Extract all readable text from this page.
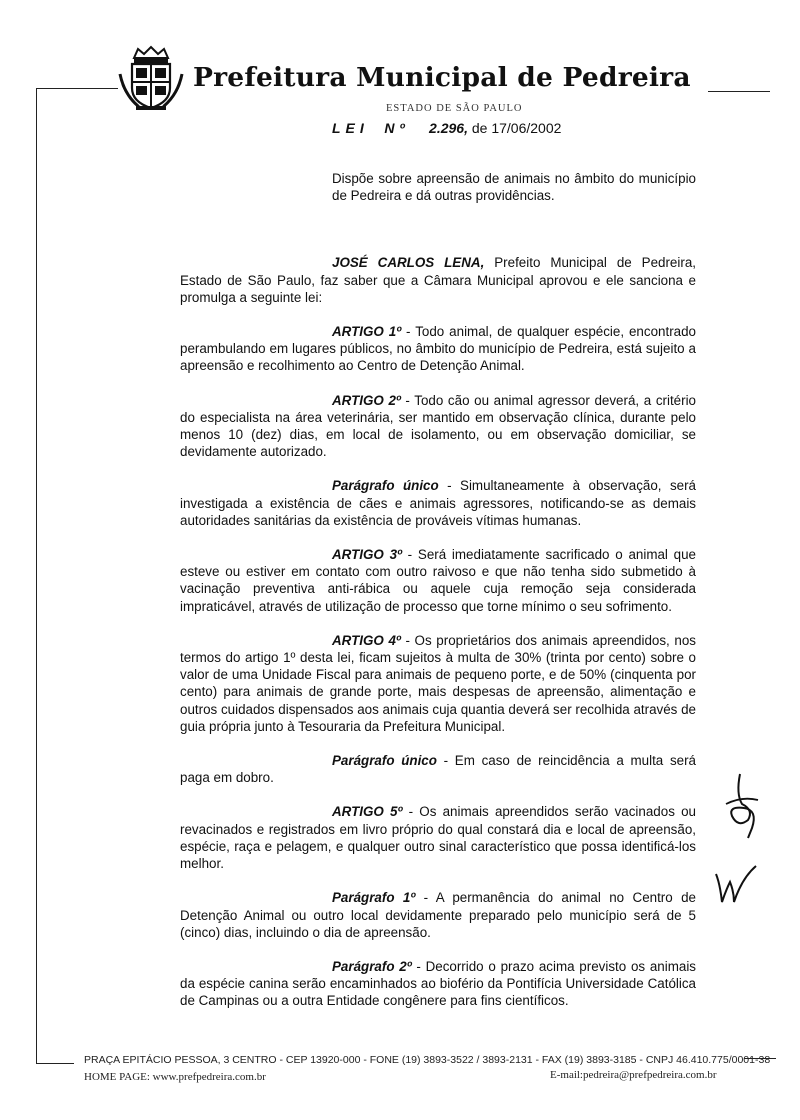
Prefeitura Municipal de Pedreira
ESTADO DE SÃO PAULO
LEI Nº 2.296, de 17/06/2002

Dispõe sobre apreensão de animais no âmbito do município de Pedreira e dá outras providências.

JOSÉ CARLOS LENA, Prefeito Municipal de Pedreira, Estado de São Paulo, faz saber que a Câmara Municipal aprovou e ele sanciona e promulga a seguinte lei:

ARTIGO 1º - Todo animal, de qualquer espécie, encontrado perambulando em lugares públicos, no âmbito do município de Pedreira, está sujeito a apreensão e recolhimento ao Centro de Detenção Animal.

ARTIGO 2º - Todo cão ou animal agressor deverá, a critério do especialista na área veterinária, ser mantido em observação clínica, durante pelo menos 10 (dez) dias, em local de isolamento, ou em observação domiciliar, se devidamente autorizado.

Parágrafo único - Simultaneamente à observação, será investigada a existência de cães e animais agressores, notificando-se as demais autoridades sanitárias da existência de prováveis vítimas humanas.

ARTIGO 3º - Será imediatamente sacrificado o animal que esteve ou estiver em contato com outro raivoso e que não tenha sido submetido à vacinação preventiva anti-rábica ou aquele cuja remoção seja considerada impraticável, através de utilização de processo que torne mínimo o seu sofrimento.

ARTIGO 4º - Os proprietários dos animais apreendidos, nos termos do artigo 1º desta lei, ficam sujeitos à multa de 30% (trinta por cento) sobre o valor de uma Unidade Fiscal para animais de pequeno porte, e de 50% (cinquenta por cento) para animais de grande porte, mais despesas de apreensão, alimentação e outros cuidados dispensados aos animais cuja quantia deverá ser recolhida através de guia própria junto à Tesouraria da Prefeitura Municipal.

Parágrafo único - Em caso de reincidência a multa será paga em dobro.

ARTIGO 5º - Os animais apreendidos serão vacinados ou revacinados e registrados em livro próprio do qual constará dia e local de apreensão, espécie, raça e pelagem, e qualquer outro sinal característico que possa identificá-los melhor.

Parágrafo 1º - A permanência do animal no Centro de Detenção Animal ou outro local devidamente preparado pelo município será de 5 (cinco) dias, incluindo o dia de apreensão.

Parágrafo 2º - Decorrido o prazo acima previsto os animais da espécie canina serão encaminhados ao biofério da Pontifícia Universidade Católica de Campinas ou a outra Entidade congênere para fins científicos.

PRAÇA EPITÁCIO PESSOA, 3 CENTRO - CEP 13920-000 - FONE (19) 3893-3522 / 3893-2131 - FAX (19) 3893-3185 - CNPJ 46.410.775/0001-38
HOME PAGE: www.prefpedreira.com.br	E-mail:pedreira@prefpedreira.com.br
